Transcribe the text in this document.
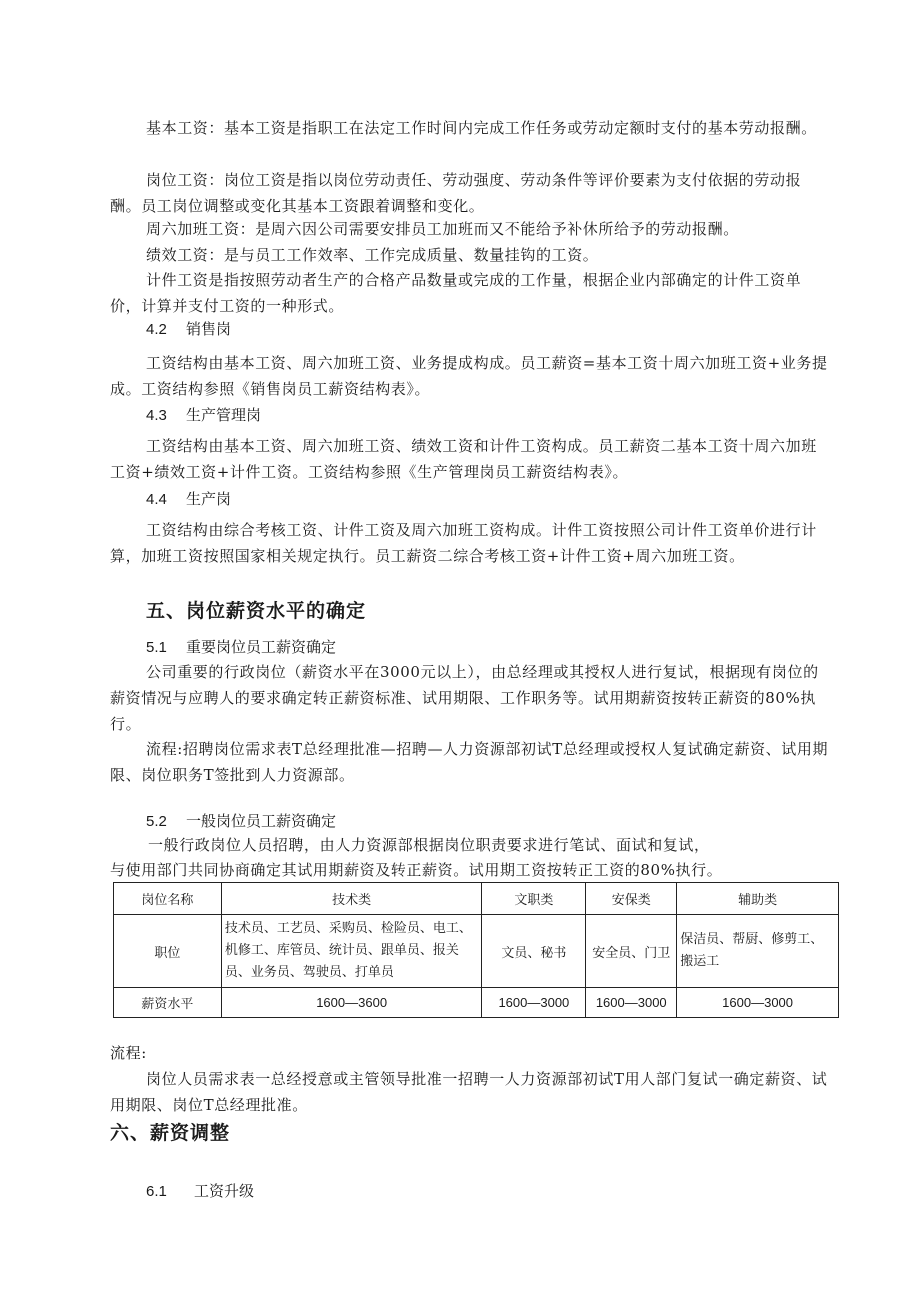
基本工资：基本工资是指职工在法定工作时间内完成工作任务或劳动定额时支付的基本劳动报酬。

岗位工资：岗位工资是指以岗位劳动责任、劳动强度、劳动条件等评价要素为支付依据的劳动报酬。员工岗位调整或变化其基本工资跟着调整和变化。

周六加班工资：是周六因公司需要安排员工加班而又不能给予补休所给予的劳动报酬。

绩效工资：是与员工工作效率、工作完成质量、数量挂钩的工资。

计件工资是指按照劳动者生产的合格产品数量或完成的工作量，根据企业内部确定的计件工资单价，计算并支付工资的一种形式。

4.2 销售岗

工资结构由基本工资、周六加班工资、业务提成构成。员工薪资=基本工资十周六加班工资+业务提成。工资结构参照《销售岗员工薪资结构表》。

4.3 生产管理岗

工资结构由基本工资、周六加班工资、绩效工资和计件工资构成。员工薪资二基本工资十周六加班工资+绩效工资+计件工资。工资结构参照《生产管理岗员工薪资结构表》。

4.4 生产岗

工资结构由综合考核工资、计件工资及周六加班工资构成。计件工资按照公司计件工资单价进行计算，加班工资按照国家相关规定执行。员工薪资二综合考核工资+计件工资+周六加班工资。

五、岗位薪资水平的确定

5.1 重要岗位员工薪资确定

公司重要的行政岗位（薪资水平在3000元以上），由总经理或其授权人进行复试，根据现有岗位的薪资情况与应聘人的要求确定转正薪资标准、试用期限、工作职务等。试用期薪资按转正薪资的80%执行。

流程:招聘岗位需求表T总经理批准—招聘—人力资源部初试T总经理或授权人复试确定薪资、试用期限、岗位职务T签批到人力资源部。

5.2 一般岗位员工薪资确定

一般行政岗位人员招聘，由人力资源部根据岗位职责要求进行笔试、面试和复试，

与使用部门共同协商确定其试用期薪资及转正薪资。试用期工资按转正工资的80%执行。

岗位名称	技术类	文职类	安保类	辅助类
职位	技术员、工艺员、采购员、检险员、电工、机修工、库管员、统计员、跟单员、报关员、业务员、驾驶员、打单员	文员、秘书	安全员、门卫	保洁员、帮厨、修剪工、搬运工
薪资水平	1600—3600	1600—3000	1600—3000	1600—3000

流程:

岗位人员需求表一总经授意或主管领导批准一招聘一人力资源部初试T用人部门复试一确定薪资、试用期限、岗位T总经理批准。

六、薪资调整

6.1 工资升级
